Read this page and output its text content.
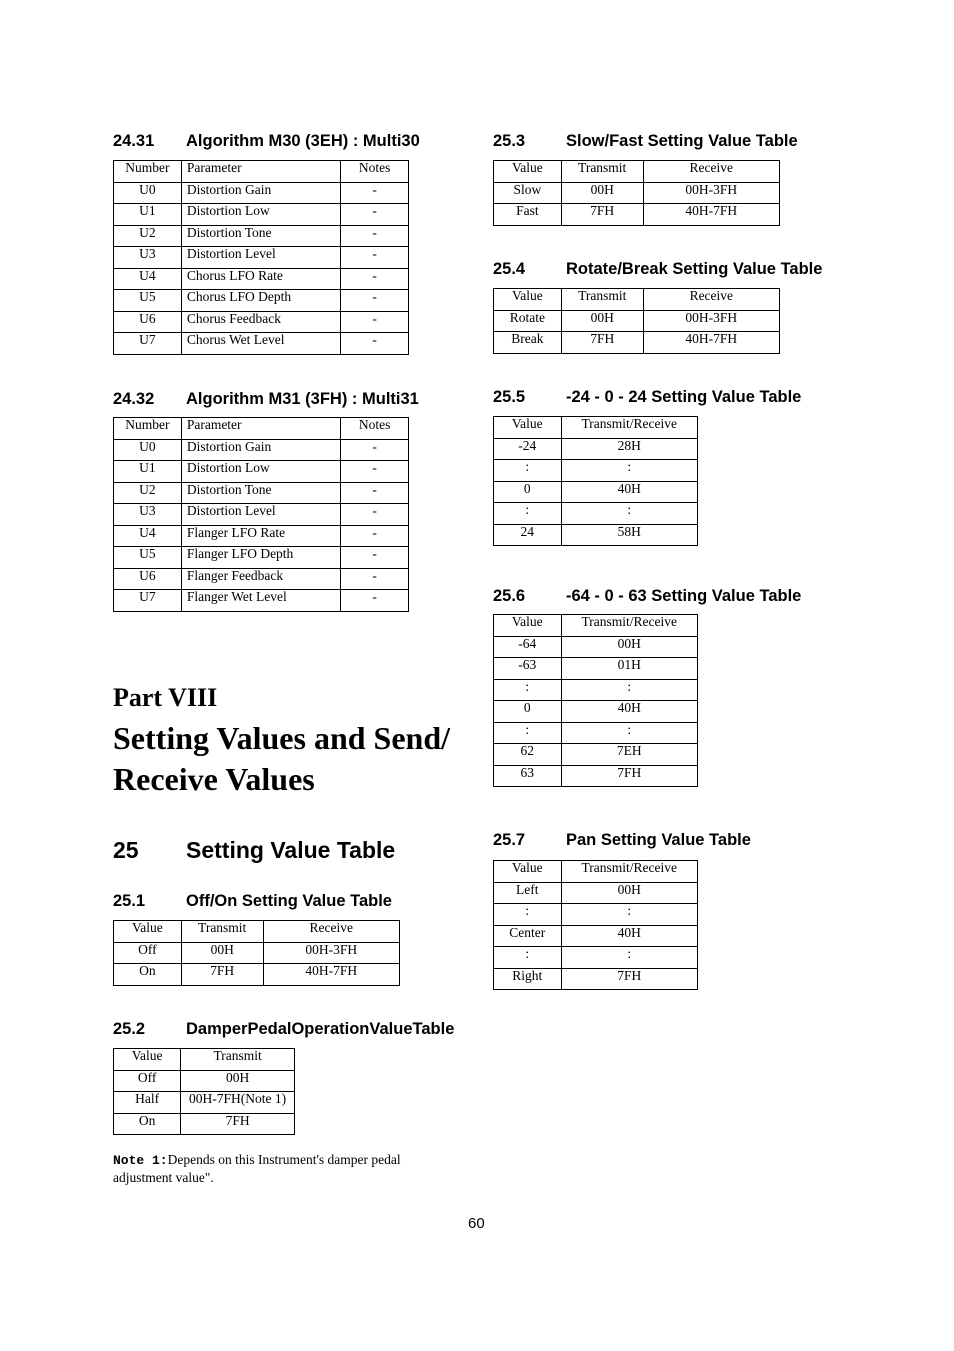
24.31 Algorithm M30 (3EH) : Multi30
Number	Parameter	Notes
U0	Distortion Gain	-
U1	Distortion Low	-
U2	Distortion Tone	-
U3	Distortion Level	-
U4	Chorus LFO Rate	-
U5	Chorus LFO Depth	-
U6	Chorus Feedback	-
U7	Chorus Wet Level	-
24.32 Algorithm M31 (3FH) : Multi31
Number	Parameter	Notes
U0	Distortion Gain	-
U1	Distortion Low	-
U2	Distortion Tone	-
U3	Distortion Level	-
U4	Flanger LFO Rate	-
U5	Flanger LFO Depth	-
U6	Flanger Feedback	-
U7	Flanger Wet Level	-
Part VIII
Setting Values and Send/ Receive Values
25 Setting Value Table
25.1 Off/On Setting Value Table
Value	Transmit	Receive
Off	00H	00H-3FH
On	7FH	40H-7FH
25.2 DamperPedalOperationValueTable
Value	Transmit
Off	00H
Half	00H-7FH(Note 1)
On	7FH
Note 1:Depends on this Instrument's damper pedal adjustment value".
25.3 Slow/Fast Setting Value Table
Value	Transmit	Receive
Slow	00H	00H-3FH
Fast	7FH	40H-7FH
25.4 Rotate/Break Setting Value Table
Value	Transmit	Receive
Rotate	00H	00H-3FH
Break	7FH	40H-7FH
25.5 -24 - 0 - 24 Setting Value Table
Value	Transmit/Receive
-24	28H
:	:
0	40H
:	:
24	58H
25.6 -64 - 0 - 63 Setting Value Table
Value	Transmit/Receive
-64	00H
-63	01H
:	:
0	40H
:	:
62	7EH
63	7FH
25.7 Pan Setting Value Table
Value	Transmit/Receive
Left	00H
:	:
Center	40H
:	:
Right	7FH
60
